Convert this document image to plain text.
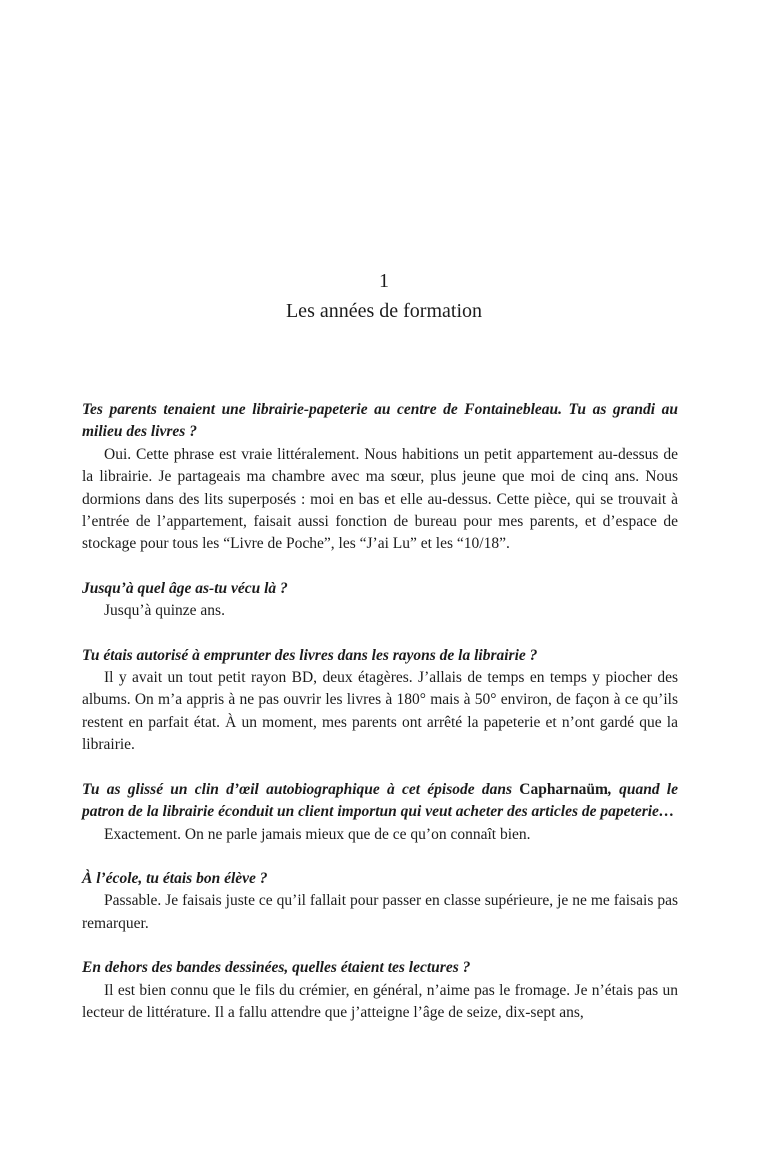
1
Les années de formation

Tes parents tenaient une librairie-papeterie au centre de Fontainebleau. Tu as grandi au milieu des livres ?

Oui. Cette phrase est vraie littéralement. Nous habitions un petit appartement au-dessus de la librairie. Je partageais ma chambre avec ma sœur, plus jeune que moi de cinq ans. Nous dormions dans des lits superposés : moi en bas et elle au-dessus. Cette pièce, qui se trouvait à l’entrée de l’appartement, faisait aussi fonction de bureau pour mes parents, et d’espace de stockage pour tous les “Livre de Poche”, les “J’ai Lu” et les “10/18”.

Jusqu’à quel âge as-tu vécu là ?

Jusqu’à quinze ans.

Tu étais autorisé à emprunter des livres dans les rayons de la librairie ?

Il y avait un tout petit rayon BD, deux étagères. J’allais de temps en temps y piocher des albums. On m’a appris à ne pas ouvrir les livres à 180° mais à 50° environ, de façon à ce qu’ils restent en parfait état. À un moment, mes parents ont arrêté la papeterie et n’ont gardé que la librairie.

Tu as glissé un clin d’œil autobiographique à cet épisode dans Capharnaüm, quand le patron de la librairie éconduit un client importun qui veut acheter des articles de papeterie…

Exactement. On ne parle jamais mieux que de ce qu’on connaît bien.

À l’école, tu étais bon élève ?

Passable. Je faisais juste ce qu’il fallait pour passer en classe supérieure, je ne me faisais pas remarquer.

En dehors des bandes dessinées, quelles étaient tes lectures ?

Il est bien connu que le fils du crémier, en général, n’aime pas le fromage. Je n’étais pas un lecteur de littérature. Il a fallu attendre que j’atteigne l’âge de seize, dix-sept ans,
